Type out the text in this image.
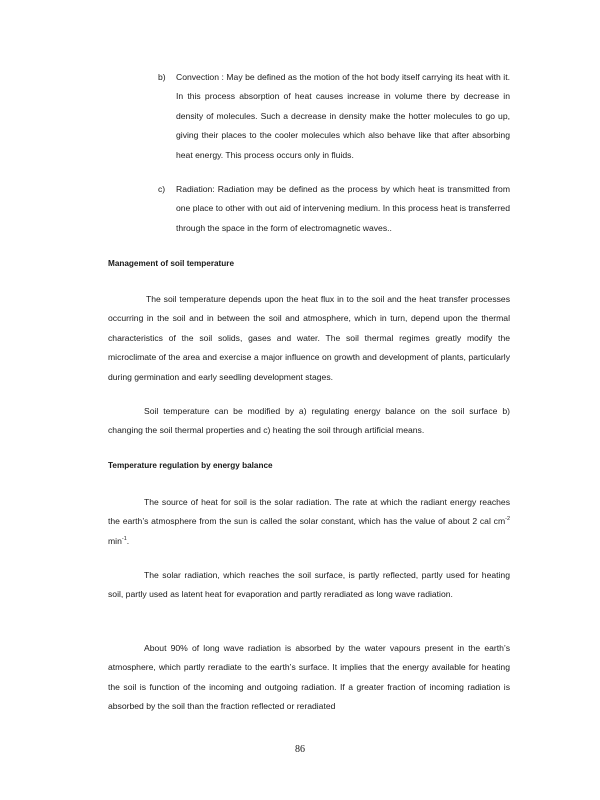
b) Convection : May be defined as the motion of the hot body itself carrying its heat with it. In this process absorption of heat causes increase in volume there by decrease in density of molecules. Such a decrease in density make the hotter molecules to go up, giving their places to the cooler molecules which also behave like that after absorbing heat energy. This process occurs only in fluids.
c) Radiation: Radiation may be defined as the process by which heat is transmitted from one place to other with out aid of intervening medium. In this process heat is transferred through the space in the form of electromagnetic waves..
Management of soil temperature
The soil temperature depends upon the heat flux in to the soil and the heat transfer processes occurring in the soil and in between the soil and atmosphere, which in turn, depend upon the thermal characteristics of the soil solids, gases and water. The soil thermal regimes greatly modify the microclimate of the area and exercise a major influence on growth and development of plants, particularly during germination and early seedling development stages.
Soil temperature can be modified by a) regulating energy balance on the soil surface b) changing the soil thermal properties and c) heating the soil through artificial means.
Temperature regulation by energy balance
The source of heat for soil is the solar radiation. The rate at which the radiant energy reaches the earth’s atmosphere from the sun is called the solar constant, which has the value of about 2 cal $cm^{-2}$ $\min^{-1}$.
The solar radiation, which reaches the soil surface, is partly reflected, partly used for heating soil, partly used as latent heat for evaporation and partly reradiated as long wave radiation.
About 90% of long wave radiation is absorbed by the water vapours present in the earth’s atmosphere, which partly reradiate to the earth’s surface. It implies that the energy available for heating the soil is function of the incoming and outgoing radiation. If a greater fraction of incoming radiation is absorbed by the soil than the fraction reflected or reradiated
86
